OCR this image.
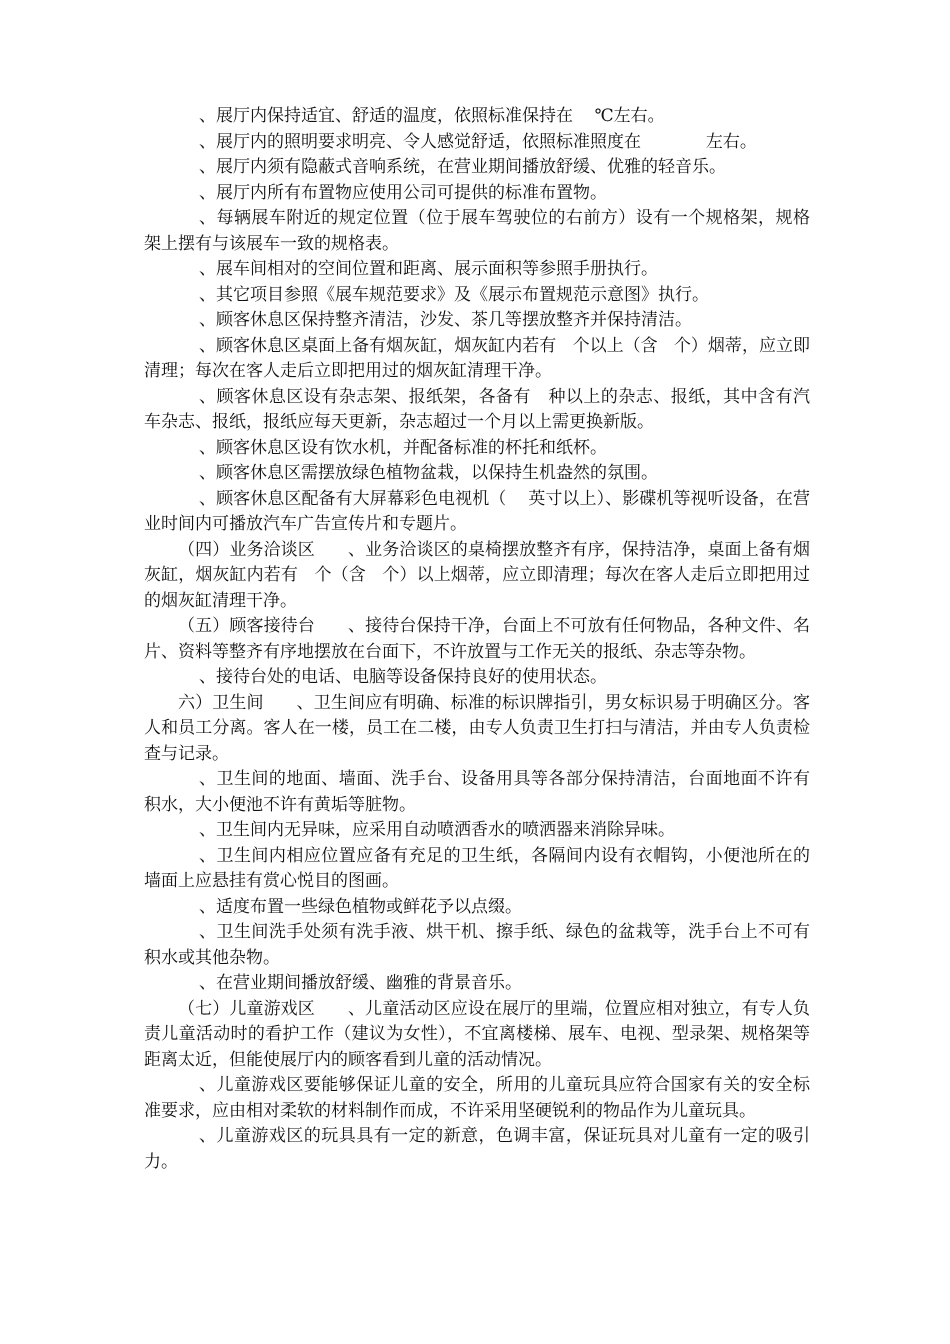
、展厅内保持适宜、舒适的温度，依照标准保持在    ℃左右。

、展厅内的照明要求明亮、令人感觉舒适，依照标准照度在            左右。

、展厅内须有隐蔽式音响系统，在营业期间播放舒缓、优雅的轻音乐。

、展厅内所有布置物应使用公司可提供的标准布置物。

、每辆展车附近的规定位置（位于展车驾驶位的右前方）设有一个规格架，规格架上摆有与该展车一致的规格表。

、展车间相对的空间位置和距离、展示面积等参照手册执行。

、其它项目参照《展车规范要求》及《展示布置规范示意图》执行。

、顾客休息区保持整齐清洁，沙发、茶几等摆放整齐并保持清洁。

、顾客休息区桌面上备有烟灰缸，烟灰缸内若有   个以上（含   个）烟蒂，应立即清理；每次在客人走后立即把用过的烟灰缸清理干净。

、顾客休息区设有杂志架、报纸架，各备有   种以上的杂志、报纸，其中含有汽车杂志、报纸，报纸应每天更新，杂志超过一个月以上需更换新版。

、顾客休息区设有饮水机，并配备标准的杯托和纸杯。

、顾客休息区需摆放绿色植物盆栽，以保持生机盎然的氛围。

、顾客休息区配备有大屏幕彩色电视机（    英寸以上）、影碟机等视听设备，在营业时间内可播放汽车广告宣传片和专题片。

（四）业务洽谈区      、业务洽谈区的桌椅摆放整齐有序，保持洁净，桌面上备有烟灰缸，烟灰缸内若有   个（含   个）以上烟蒂，应立即清理；每次在客人走后立即把用过的烟灰缸清理干净。

（五）顾客接待台      、接待台保持干净，台面上不可放有任何物品，各种文件、名片、资料等整齐有序地摆放在台面下，不许放置与工作无关的报纸、杂志等杂物。

、接待台处的电话、电脑等设备保持良好的使用状态。

六）卫生间      、卫生间应有明确、标准的标识牌指引，男女标识易于明确区分。客人和员工分离。客人在一楼，员工在二楼，由专人负责卫生打扫与清洁，并由专人负责检查与记录。

、卫生间的地面、墙面、洗手台、设备用具等各部分保持清洁，台面地面不许有积水，大小便池不许有黄垢等脏物。

、卫生间内无异味，应采用自动喷洒香水的喷洒器来消除异味。

、卫生间内相应位置应备有充足的卫生纸，各隔间内设有衣帽钩，小便池所在的墙面上应悬挂有赏心悦目的图画。

、适度布置一些绿色植物或鲜花予以点缀。

、卫生间洗手处须有洗手液、烘干机、擦手纸、绿色的盆栽等，洗手台上不可有积水或其他杂物。

、在营业期间播放舒缓、幽雅的背景音乐。

（七）儿童游戏区      、儿童活动区应设在展厅的里端，位置应相对独立，有专人负责儿童活动时的看护工作（建议为女性），不宜离楼梯、展车、电视、型录架、规格架等距离太近，但能使展厅内的顾客看到儿童的活动情况。

、儿童游戏区要能够保证儿童的安全，所用的儿童玩具应符合国家有关的安全标准要求，应由相对柔软的材料制作而成，不许采用坚硬锐利的物品作为儿童玩具。

、儿童游戏区的玩具具有一定的新意，色调丰富，保证玩具对儿童有一定的吸引力。
